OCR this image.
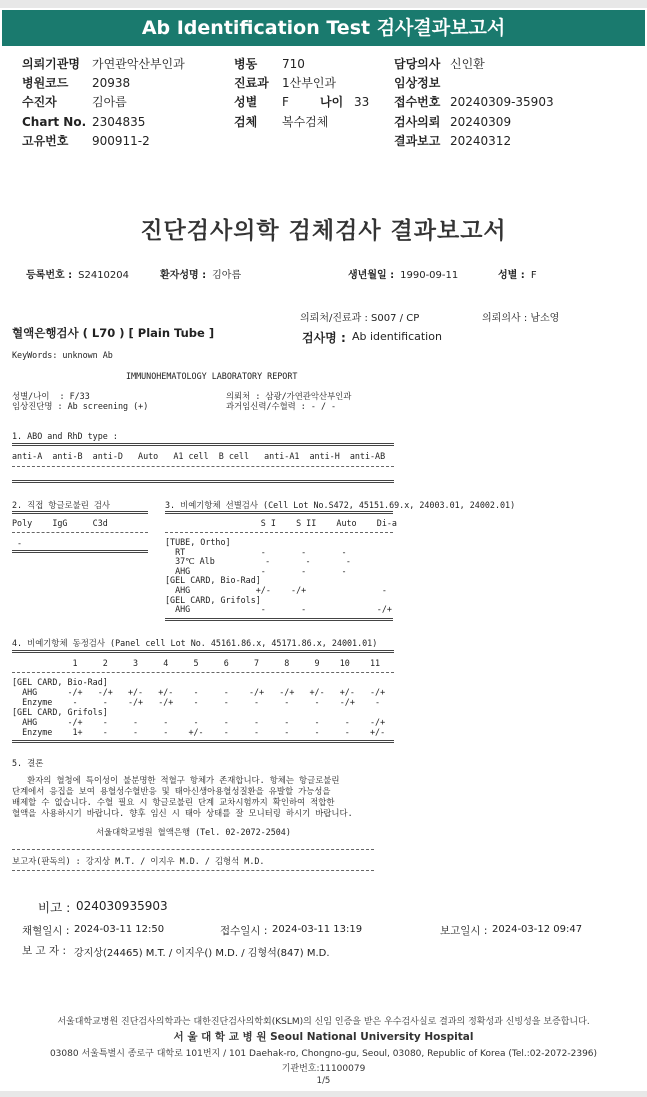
Ab Identification Test 검사결과보고서
의뢰기관명 가연관악산부인과	병동 710	담당의사 신인환
병원코드 20938	진료과 1산부인과	임상정보
수진자	김아름	성별 F	나이 33 접수번호 20240309-35903
Chart No. 2304835	검체 복수검체	검사의뢰 20240309
고유번호 900911-2	결과보고 20240312
진단검사의학 검체검사 결과보고서
등록번호 : S2410204	환자성명 : 김아름	생년월일 : 1990-09-11	성별 : F
의뢰처/진료과 : S007 / CP	의뢰의사 : 남소영
혈액은행검사 ( L70 ) [ Plain Tube ]	검사명 : Ab identification
KeyWords: unknown Ab
IMMUNOHEMATOLOGY LABORATORY REPORT
성별/나이  : F/33
임상진단명 : Ab screening (+)
의뢰처 : 삼광/가연관악산부인과
과거임신력/수혈력 : - / -
1. ABO and RhD type :
anti-A  anti-B  anti-D   Auto   A1 cell  B cell   anti-A1  anti-H  anti-AB
2. 직접 항글로불린 검사
Poly    IgG     C3d
-
3. 비예기항체 선별검사 (Cell Lot No.S472, 45151.69.x, 24003.01, 24002.01)
S I    S II    Auto    Di-a
[TUBE, Ortho]
RT               -       -       -
37℃ Alb          -       -       -
AHG              -       -       -
[GEL CARD, Bio-Rad]
AHG             +/-    -/+               -
[GEL CARD, Grifols]
AHG              -       -              -/+
4. 비예기항체 동정검사 (Panel cell Lot No. 45161.86.x, 45171.86.x, 24001.01)
1     2     3     4     5     6     7     8     9    10    11
[GEL CARD, Bio-Rad]
AHG      -/+   -/+   +/-   +/-    -     -    -/+   -/+   +/-   +/-   -/+
Enzyme    -     -    -/+   -/+    -     -     -     -     -    -/+    -
[GEL CARD, Grifols]
AHG      -/+    -     -     -     -     -     -     -     -     -    -/+
Enzyme    1+    -     -     -    +/-    -     -     -     -     -    +/-
5. 결론
환자의 혈청에 특이성이 불분명한 적혈구 항체가 존재합니다. 항체는 항글로불린
단계에서 응집을 보여 용혈성수혈반응 및 태아신생아용혈성질환을 유발할 가능성을
배제할 수 없습니다. 수혈 필요 시 항글로불린 단계 교차시험까지 확인하여 적합한
혈액을 사용하시기 바랍니다. 향후 임신 시 태아 상태를 잘 모니터링 하시기 바랍니다.
서울대학교병원 혈액은행 (Tel. 02-2072-2504)
보고자(판독의) : 강지상 M.T. / 이지우 M.D. / 김형석 M.D.
비고 : 024030935903
채혈일시 : 2024-03-11 12:50	접수일시 : 2024-03-11 13:19	보고일시 : 2024-03-12 09:47
보 고 자 : 강지상(24465) M.T. / 이지우() M.D. / 김형석(847) M.D.
서울대학교병원 진단검사의학과는 대한진단검사의학회(KSLM)의 신임 인증을 받은 우수검사실로 결과의 정확성과 신빙성을 보증합니다.
서 울 대 학 교 병 원 Seoul National University Hospital
03080 서울특별시 종로구 대학로 101번지 / 101 Daehak-ro, Chongno-gu, Seoul, 03080, Republic of Korea (Tel.:02-2072-2396)
기관번호:11100079
1/5
